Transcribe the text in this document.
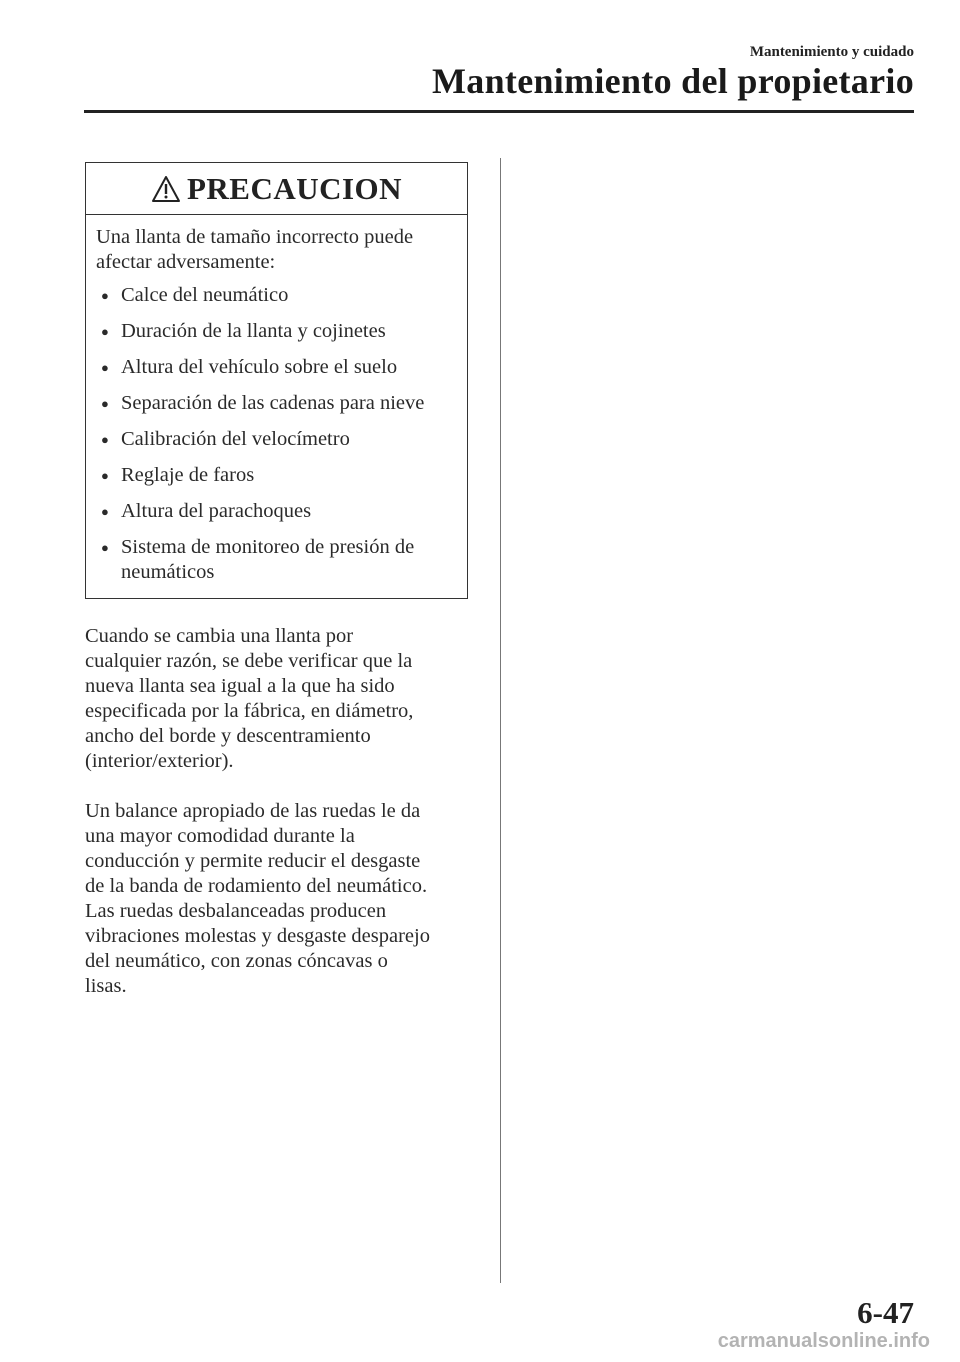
Mantenimiento y cuidado
Mantenimiento del propietario
PRECAUCION

Una llanta de tamaño incorrecto puede
afectar adversamente:

● Calce del neumático
● Duración de la llanta y cojinetes
● Altura del vehículo sobre el suelo
● Separación de las cadenas para nieve
● Calibración del velocímetro
● Reglaje de faros
● Altura del parachoques
● Sistema de monitoreo de presión de
neumáticos

Cuando se cambia una llanta por
cualquier razón, se debe verificar que la
nueva llanta sea igual a la que ha sido
especificada por la fábrica, en diámetro,
ancho del borde y descentramiento
(interior/exterior).

Un balance apropiado de las ruedas le da
una mayor comodidad durante la
conducción y permite reducir el desgaste
de la banda de rodamiento del neumático.
Las ruedas desbalanceadas producen
vibraciones molestas y desgaste desparejo
del neumático, con zonas cóncavas o
lisas.

6-47
carmanualsonline.info
